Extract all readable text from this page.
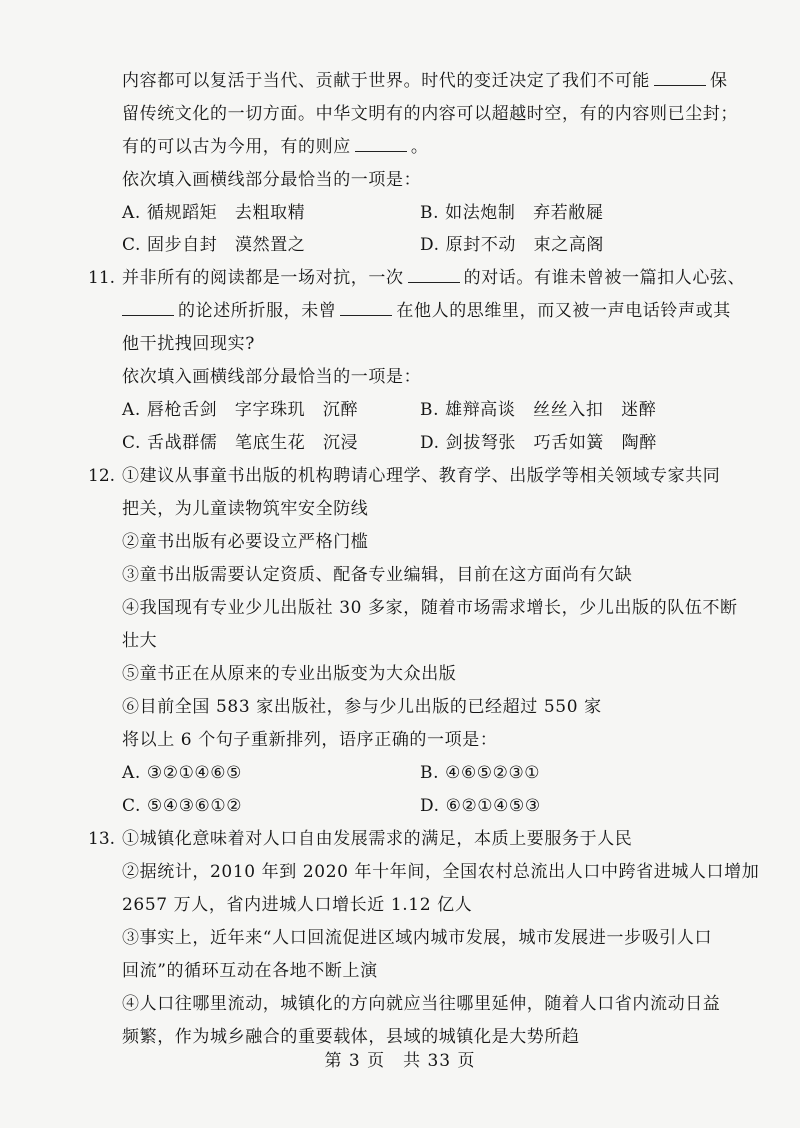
内容都可以复活于当代、贡献于世界。时代的变迁决定了我们不可能	保
留传统文化的一切方面。中华文明有的内容可以超越时空，有的内容则已尘封；
有的可以古为今用，有的则应	。
依次填入画横线部分最恰当的一项是：
A. 循规蹈矩　去粗取精	B. 如法炮制　弃若敝屣
C. 固步自封　漠然置之	D. 原封不动　束之高阁
11. 并非所有的阅读都是一场对抗，一次	的对话。有谁未曾被一篇扣人心弦、
的论述所折服，未曾	在他人的思维里，而又被一声电话铃声或其
他干扰拽回现实?
依次填入画横线部分最恰当的一项是：
A. 唇枪舌剑　字字珠玑　沉醉	B. 雄辩高谈　丝丝入扣　迷醉
C. 舌战群儒　笔底生花　沉浸	D. 剑拔弩张　巧舌如簧　陶醉
12. ①建议从事童书出版的机构聘请心理学、教育学、出版学等相关领域专家共同
把关，为儿童读物筑牢安全防线
②童书出版有必要设立严格门槛
③童书出版需要认定资质、配备专业编辑，目前在这方面尚有欠缺
④我国现有专业少儿出版社 30 多家，随着市场需求增长，少儿出版的队伍不断
壮大
⑤童书正在从原来的专业出版变为大众出版
⑥目前全国 583 家出版社，参与少儿出版的已经超过 550 家
将以上 6 个句子重新排列，语序正确的一项是：
A. ③②①④⑥⑤	B. ④⑥⑤②③①
C. ⑤④③⑥①②	D. ⑥②①④⑤③
13. ①城镇化意味着对人口自由发展需求的满足，本质上要服务于人民
②据统计，2010 年到 2020 年十年间，全国农村总流出人口中跨省进城人口增加
2657 万人，省内进城人口增长近 1.12 亿人
③事实上，近年来“人口回流促进区域内城市发展，城市发展进一步吸引人口
回流”的循环互动在各地不断上演
④人口往哪里流动，城镇化的方向就应当往哪里延伸，随着人口省内流动日益
频繁，作为城乡融合的重要载体，县域的城镇化是大势所趋
第 3 页　共 33 页
